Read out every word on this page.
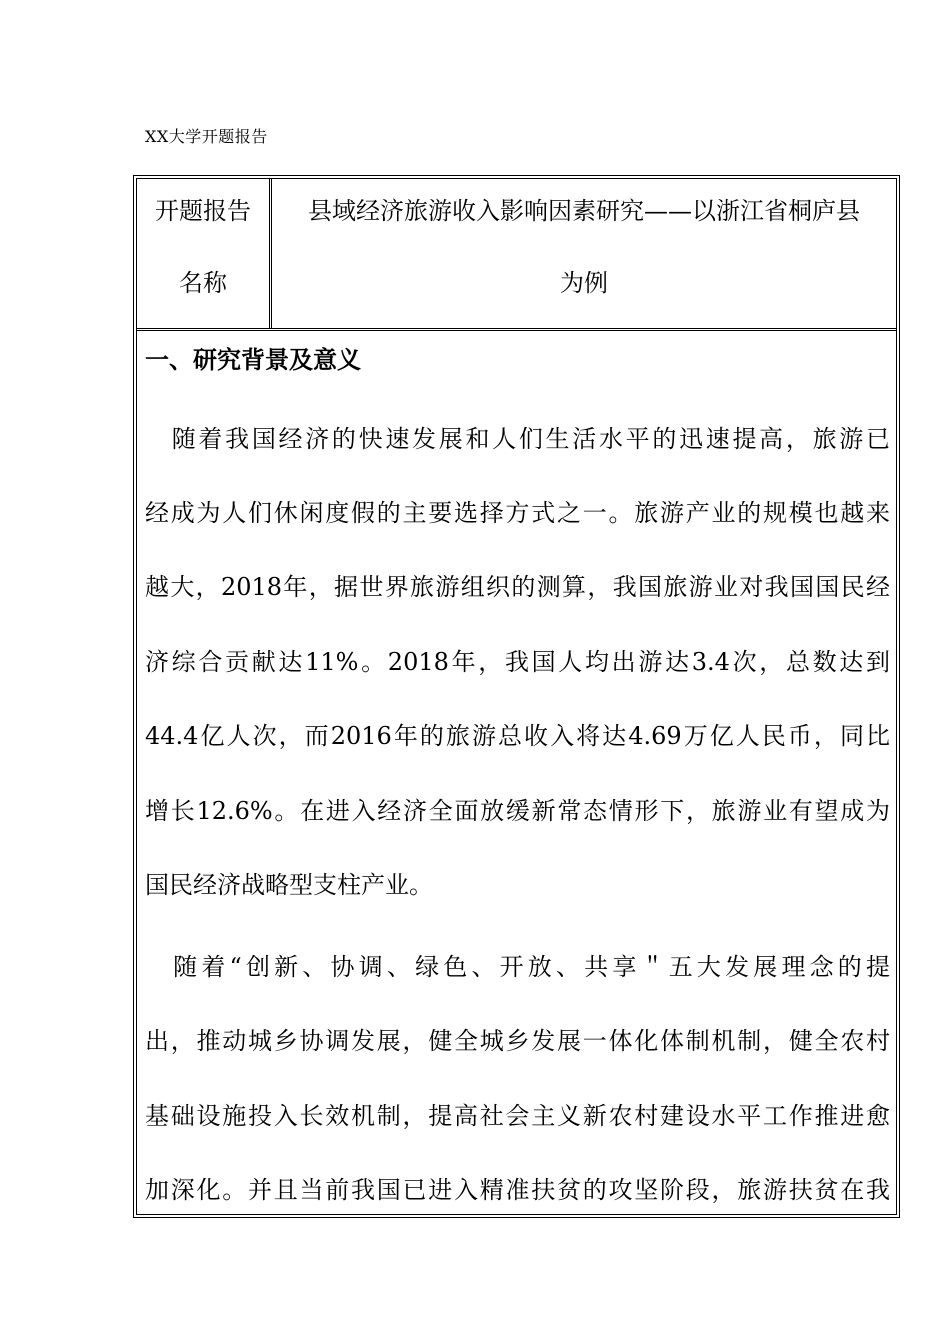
XX大学开题报告
开题报告
名称
县域经济旅游收入影响因素研究——以浙江省桐庐县
为例
一、研究背景及意义
　随着我国经济的快速发展和人们生活水平的迅速提高，旅游已
经成为人们休闲度假的主要选择方式之一。旅游产业的规模也越来
越大，2018年，据世界旅游组织的测算，我国旅游业对我国国民经
济综合贡献达11%。2018年，我国人均出游达3.4次，总数达到
44.4亿人次，而2016年的旅游总收入将达4.69万亿人民币，同比
增长12.6%。在进入经济全面放缓新常态情形下，旅游业有望成为
国民经济战略型支柱产业。
　随着“创新、协调、绿色、开放、共享＂五大发展理念的提
出，推动城乡协调发展，健全城乡发展一体化体制机制，健全农村
基础设施投入长效机制，提高社会主义新农村建设水平工作推进愈
加深化。并且当前我国已进入精准扶贫的攻坚阶段，旅游扶贫在我
